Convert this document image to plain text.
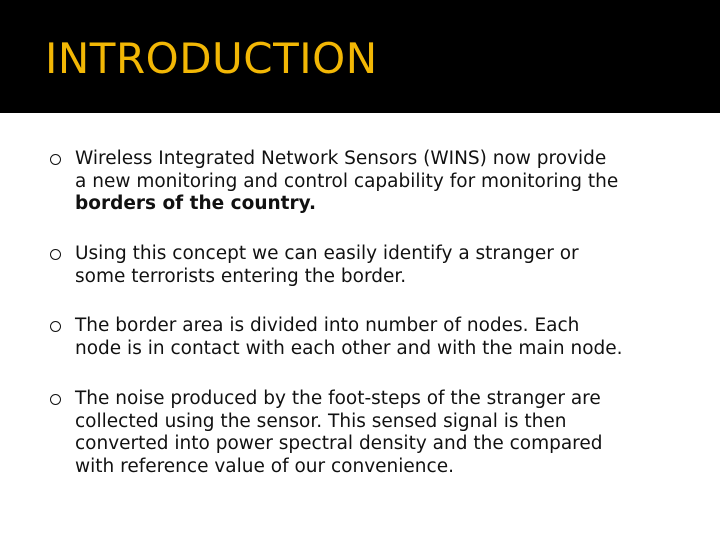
INTRODUCTION
Wireless Integrated Network Sensors (WINS) now provide
a new monitoring and control capability for monitoring the
borders of the country.
Using this concept we can easily identify a stranger or
some terrorists entering the border.
The border area is divided into number of nodes. Each
node is in contact with each other and with the main node.
The noise produced by the foot-steps of the stranger are
collected using the sensor. This sensed signal is then
converted into power spectral density and the compared
with reference value of our convenience.
